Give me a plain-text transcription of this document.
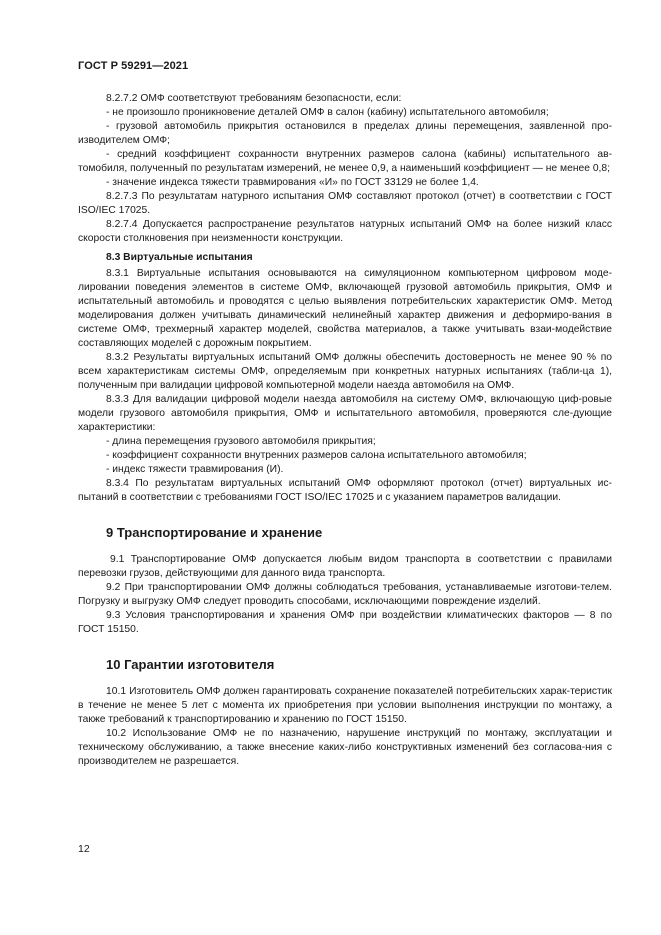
ГОСТ Р 59291—2021

8.2.7.2 ОМФ соответствуют требованиям безопасности, если:

- не произошло проникновение деталей ОМФ в салон (кабину) испытательного автомобиля;

- грузовой автомобиль прикрытия остановился в пределах длины перемещения, заявленной про-изводителем ОМФ;

- средний коэффициент сохранности внутренних размеров салона (кабины) испытательного ав-томобиля, полученный по результатам измерений, не менее 0,9, а наименьший коэффициент — не менее 0,8;

- значение индекса тяжести травмирования «И» по ГОСТ 33129 не более 1,4.

8.2.7.3 По результатам натурного испытания ОМФ составляют протокол (отчет) в соответствии с ГОСТ ISO/IEC 17025.

8.2.7.4 Допускается распространение результатов натурных испытаний ОМФ на более низкий класс скорости столкновения при неизменности конструкции.

8.3 Виртуальные испытания

8.3.1 Виртуальные испытания основываются на симуляционном компьютерном цифровом моде-лировании поведения элементов в системе ОМФ, включающей грузовой автомобиль прикрытия, ОМФ и испытательный автомобиль и проводятся с целью выявления потребительских характеристик ОМФ. Метод моделирования должен учитывать динамический нелинейный характер движения и деформиро-вания в системе ОМФ, трехмерный характер моделей, свойства материалов, а также учитывать взаи-модействие составляющих моделей с дорожным покрытием.

8.3.2 Результаты виртуальных испытаний ОМФ должны обеспечить достоверность не менее 90 % по всем характеристикам системы ОМФ, определяемым при конкретных натурных испытаниях (табли-ца 1), полученным при валидации цифровой компьютерной модели наезда автомобиля на ОМФ.

8.3.3 Для валидации цифровой модели наезда автомобиля на систему ОМФ, включающую циф-ровые модели грузового автомобиля прикрытия, ОМФ и испытательного автомобиля, проверяются сле-дующие характеристики:

- длина перемещения грузового автомобиля прикрытия;

- коэффициент сохранности внутренних размеров салона испытательного автомобиля;

- индекс тяжести травмирования (И).

8.3.4 По результатам виртуальных испытаний ОМФ оформляют протокол (отчет) виртуальных ис-пытаний в соответствии с требованиями ГОСТ ISO/IEC 17025 и с указанием параметров валидации.

9 Транспортирование и хранение

9.1 Транспортирование ОМФ допускается любым видом транспорта в соответствии с правилами перевозки грузов, действующими для данного вида транспорта.

9.2 При транспортировании ОМФ должны соблюдаться требования, устанавливаемые изготови-телем. Погрузку и выгрузку ОМФ следует проводить способами, исключающими повреждение изделий.

9.3 Условия транспортирования и хранения ОМФ при воздействии климатических факторов — 8 по ГОСТ 15150.

10 Гарантии изготовителя

10.1 Изготовитель ОМФ должен гарантировать сохранение показателей потребительских харак-теристик в течение не менее 5 лет с момента их приобретения при условии выполнения инструкции по монтажу, а также требований к транспортированию и хранению по ГОСТ 15150.

10.2 Использование ОМФ не по назначению, нарушение инструкций по монтажу, эксплуатации и техническому обслуживанию, а также внесение каких-либо конструктивных изменений без согласова-ния с производителем не разрешается.

12
